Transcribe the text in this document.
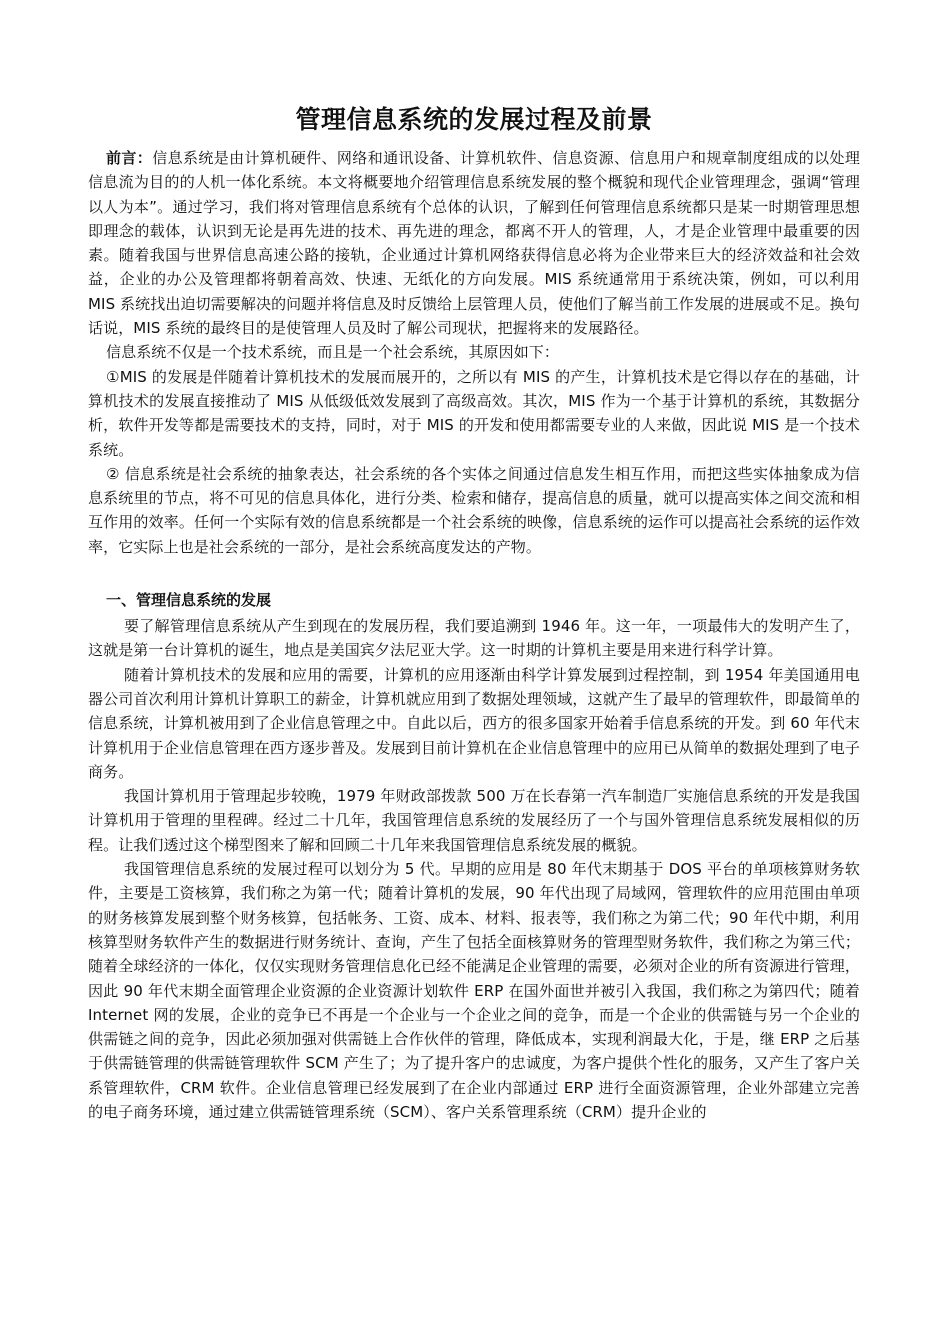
管理信息系统的发展过程及前景

前言：信息系统是由计算机硬件、网络和通讯设备、计算机软件、信息资源、信息用户和规章制度组成的以处理信息流为目的的人机一体化系统。本文将概要地介绍管理信息系统发展的整个概貌和现代企业管理理念，强调“管理以人为本”。通过学习，我们将对管理信息系统有个总体的认识，了解到任何管理信息系统都只是某一时期管理思想即理念的载体，认识到无论是再先进的技术、再先进的理念，都离不开人的管理，人，才是企业管理中最重要的因素。随着我国与世界信息高速公路的接轨，企业通过计算机网络获得信息必将为企业带来巨大的经济效益和社会效益，企业的办公及管理都将朝着高效、快速、无纸化的方向发展。MIS 系统通常用于系统决策，例如，可以利用 MIS 系统找出迫切需要解决的问题并将信息及时反馈给上层管理人员，使他们了解当前工作发展的进展或不足。换句话说，MIS 系统的最终目的是使管理人员及时了解公司现状，把握将来的发展路径。

信息系统不仅是一个技术系统，而且是一个社会系统，其原因如下：

①MIS 的发展是伴随着计算机技术的发展而展开的，之所以有 MIS 的产生，计算机技术是它得以存在的基础，计算机技术的发展直接推动了 MIS 从低级低效发展到了高级高效。其次，MIS 作为一个基于计算机的系统，其数据分析，软件开发等都是需要技术的支持，同时，对于 MIS 的开发和使用都需要专业的人来做，因此说 MIS 是一个技术系统。

② 信息系统是社会系统的抽象表达，社会系统的各个实体之间通过信息发生相互作用，而把这些实体抽象成为信息系统里的节点，将不可见的信息具体化，进行分类、检索和储存，提高信息的质量，就可以提高实体之间交流和相互作用的效率。任何一个实际有效的信息系统都是一个社会系统的映像，信息系统的运作可以提高社会系统的运作效率，它实际上也是社会系统的一部分，是社会系统高度发达的产物。

一、管理信息系统的发展

要了解管理信息系统从产生到现在的发展历程，我们要追溯到 1946 年。这一年，一项最伟大的发明产生了，这就是第一台计算机的诞生，地点是美国宾夕法尼亚大学。这一时期的计算机主要是用来进行科学计算。

随着计算机技术的发展和应用的需要，计算机的应用逐渐由科学计算发展到过程控制，到 1954 年美国通用电器公司首次利用计算机计算职工的薪金，计算机就应用到了数据处理领域，这就产生了最早的管理软件，即最简单的信息系统，计算机被用到了企业信息管理之中。自此以后，西方的很多国家开始着手信息系统的开发。到 60 年代末计算机用于企业信息管理在西方逐步普及。发展到目前计算机在企业信息管理中的应用已从简单的数据处理到了电子商务。

我国计算机用于管理起步较晚，1979 年财政部拨款 500 万在长春第一汽车制造厂实施信息系统的开发是我国计算机用于管理的里程碑。经过二十几年，我国管理信息系统的发展经历了一个与国外管理信息系统发展相似的历程。让我们透过这个梯型图来了解和回顾二十几年来我国管理信息系统发展的概貌。

我国管理信息系统的发展过程可以划分为 5 代。早期的应用是 80 年代末期基于 DOS 平台的单项核算财务软件，主要是工资核算，我们称之为第一代；随着计算机的发展，90 年代出现了局域网，管理软件的应用范围由单项的财务核算发展到整个财务核算，包括帐务、工资、成本、材料、报表等，我们称之为第二代；90 年代中期，利用核算型财务软件产生的数据进行财务统计、查询，产生了包括全面核算财务的管理型财务软件，我们称之为第三代；随着全球经济的一体化，仅仅实现财务管理信息化已经不能满足企业管理的需要，必须对企业的所有资源进行管理，因此 90 年代末期全面管理企业资源的企业资源计划软件 ERP 在国外面世并被引入我国，我们称之为第四代；随着 Internet 网的发展，企业的竞争已不再是一个企业与一个企业之间的竞争，而是一个企业的供需链与另一个企业的供需链之间的竞争，因此必须加强对供需链上合作伙伴的管理，降低成本，实现利润最大化，于是，继 ERP 之后基于供需链管理的供需链管理软件 SCM 产生了；为了提升客户的忠诚度，为客户提供个性化的服务，又产生了客户关系管理软件，CRM 软件。企业信息管理已经发展到了在企业内部通过 ERP 进行全面资源管理，企业外部建立完善的电子商务环境，通过建立供需链管理系统（SCM）、客户关系管理系统（CRM）提升企业的
